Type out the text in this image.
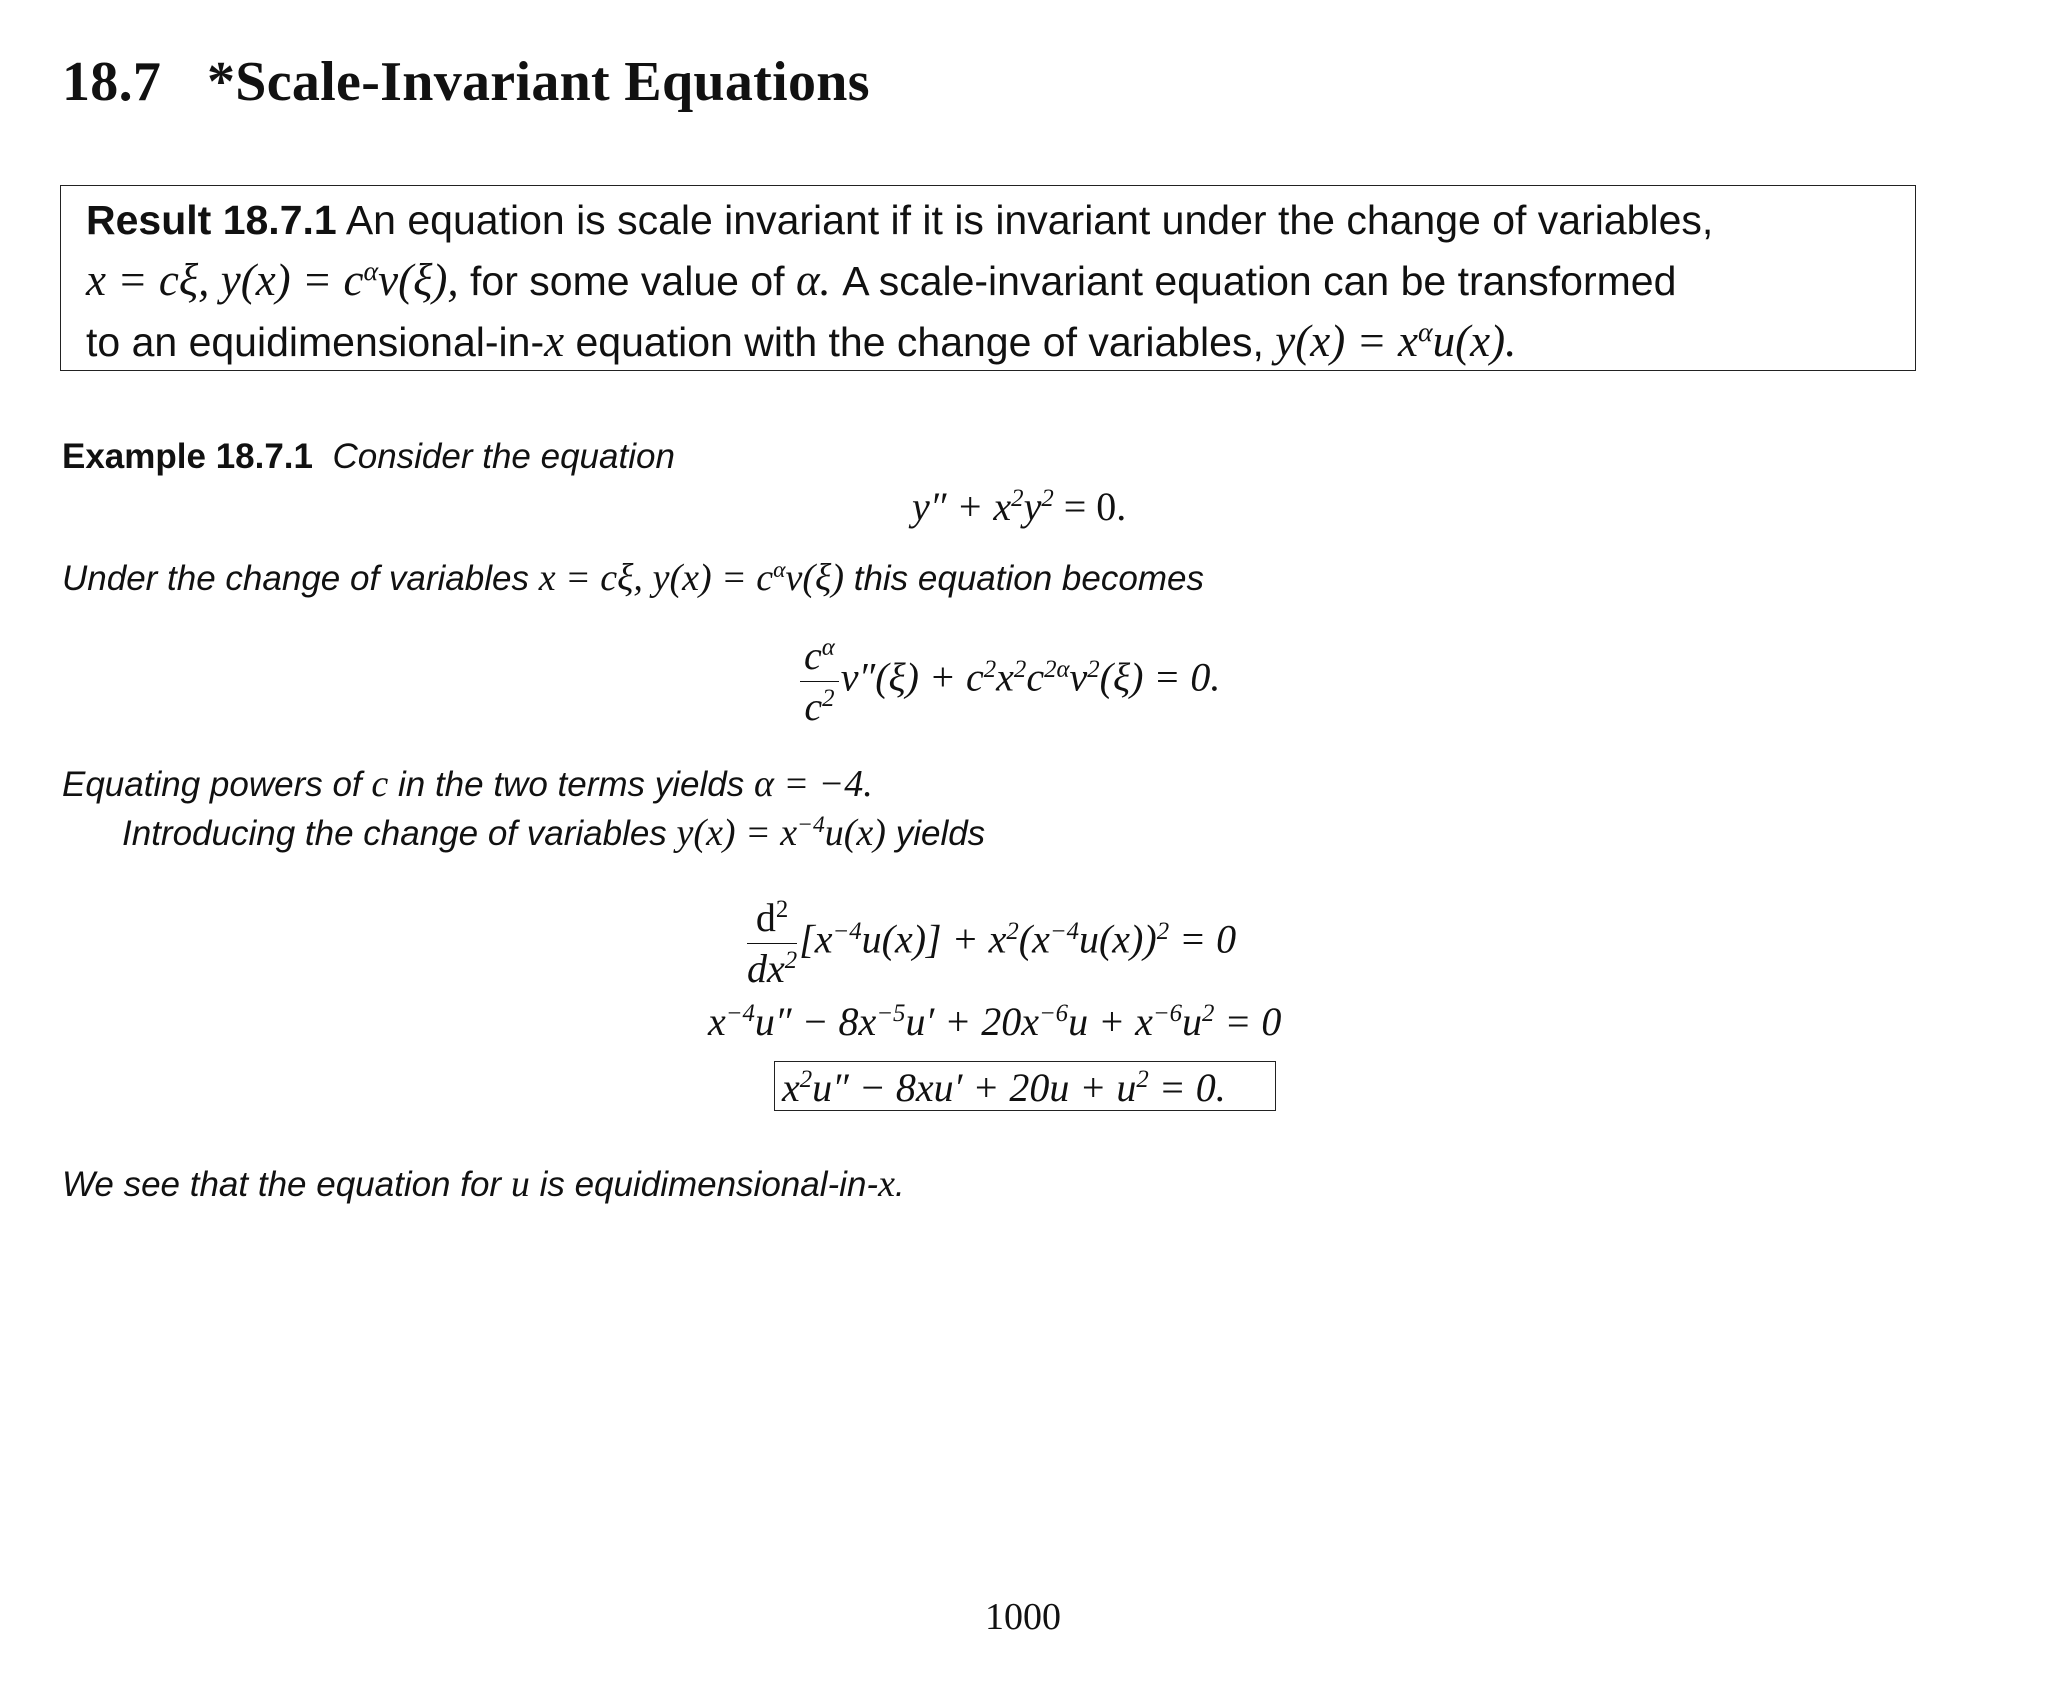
18.7 *Scale-Invariant Equations
Result 18.7.1 An equation is scale invariant if it is invariant under the change of variables,
x = cξ, $y(x) = c^\alpha v(\xi)$, for some value of α. A scale-invariant equation can be transformed
to an equidimensional-in-x equation with the change of variables, $y(x) = x^\alpha u(x)$.
Example 18.7.1 Consider the equation
$y'' + x^2y^2 = 0$.
Under the change of variables x = cξ, $y(x) = c^\alpha v(\xi)$ this equation becomes
$\frac{c^\alpha}{c^2} v''(\xi) + c^2x^2c^{2\alpha}v^2(\xi) = 0$.
Equating powers of c in the two terms yields α = −4.
Introducing the change of variables $y(x) = x^{-4}u(x)$ yields
$\frac{d^2}{dx^2} [x^{-4}u(x)] + x^2(x^{-4}u(x))^2 = 0$
$x^{-4}u'' - 8x^{-5}u' + 20x^{-6}u + x^{-6}u^2 = 0$
$x^2u'' - 8xu' + 20u + u^2 = 0$.
We see that the equation for u is equidimensional-in-x.
1000
